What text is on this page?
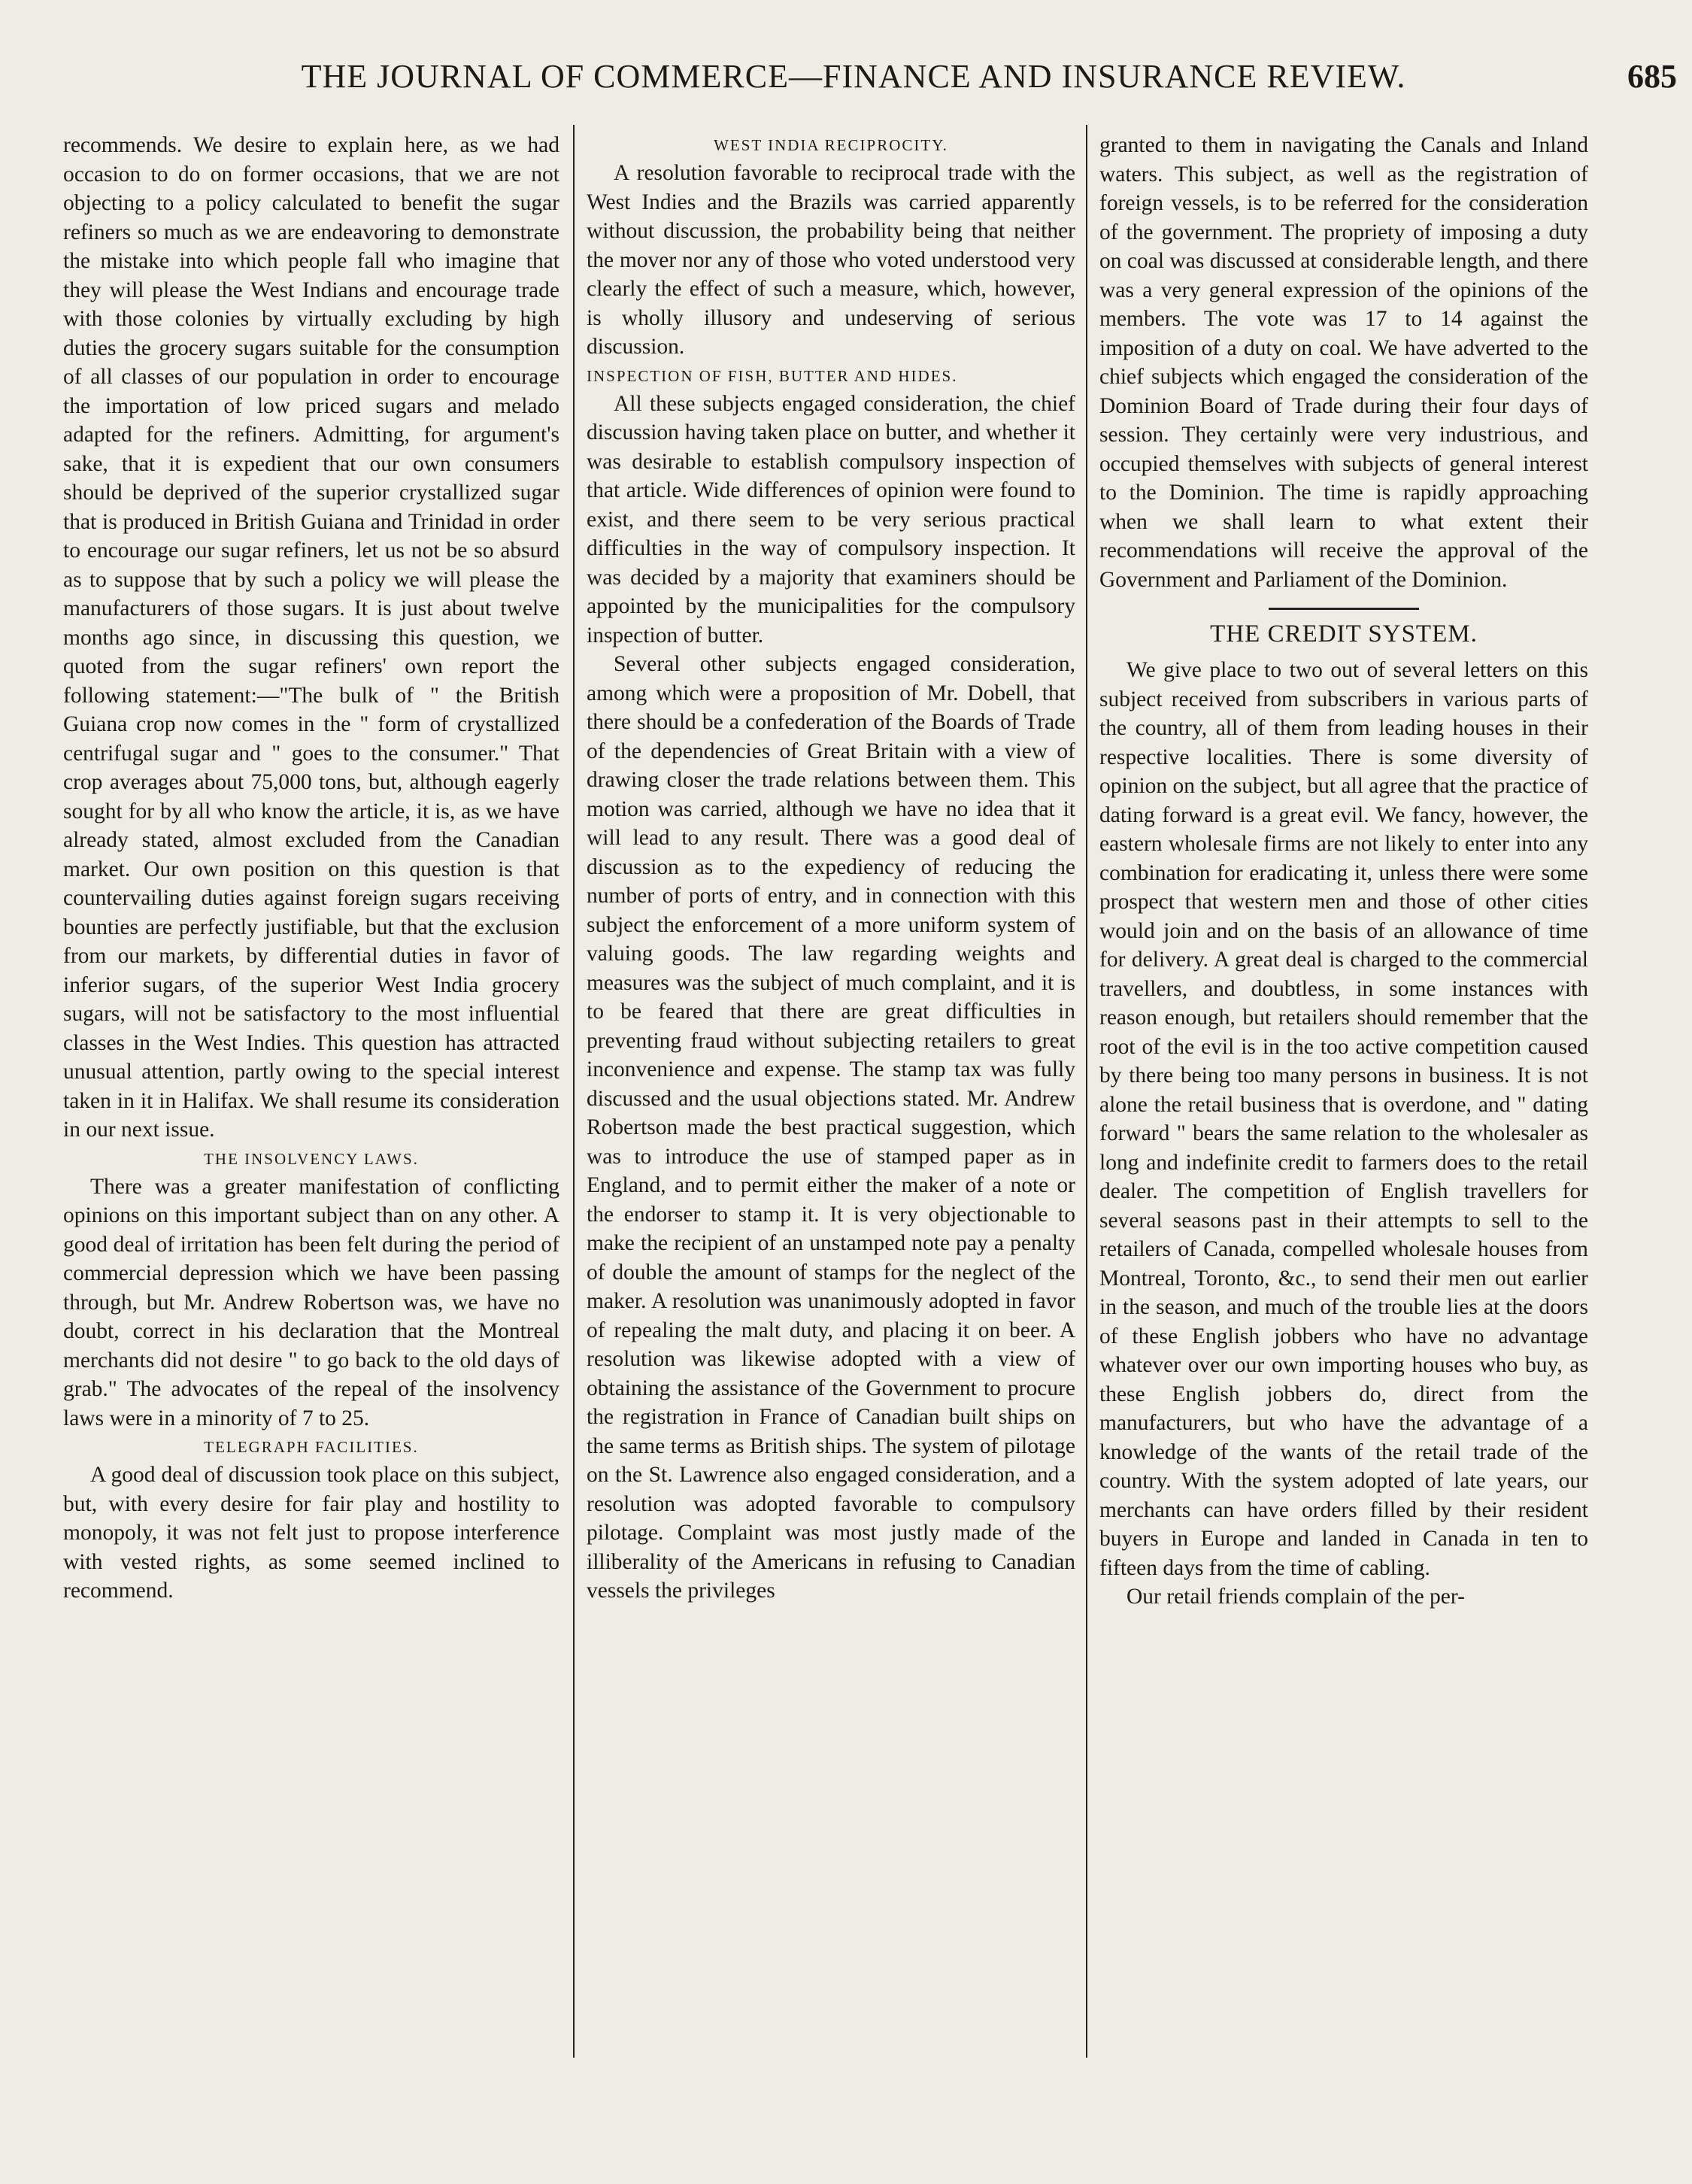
THE JOURNAL OF COMMERCE—FINANCE AND INSURANCE REVIEW.	685

recommends. We desire to explain here, as we had occasion to do on former occasions, that we are not objecting to a policy calculated to benefit the sugar refiners so much as we are endeavoring to demonstrate the mistake into which people fall who imagine that they will please the West Indians and encourage trade with those colonies by virtually excluding by high duties the grocery sugars suitable for the consumption of all classes of our population in order to encourage the importation of low priced sugars and melado adapted for the refiners. Admitting, for argument's sake, that it is expedient that our own consumers should be deprived of the superior crystallized sugar that is produced in British Guiana and Trinidad in order to encourage our sugar refiners, let us not be so absurd as to suppose that by such a policy we will please the manufacturers of those sugars. It is just about twelve months ago since, in discussing this question, we quoted from the sugar refiners' own report the following statement:—"The bulk of " the British Guiana crop now comes in the " form of crystallized centrifugal sugar and " goes to the consumer." That crop averages about 75,000 tons, but, although eagerly sought for by all who know the article, it is, as we have already stated, almost excluded from the Canadian market. Our own position on this question is that countervailing duties against foreign sugars receiving bounties are perfectly justifiable, but that the exclusion from our markets, by differential duties in favor of inferior sugars, of the superior West India grocery sugars, will not be satisfactory to the most influential classes in the West Indies. This question has attracted unusual attention, partly owing to the special interest taken in it in Halifax. We shall resume its consideration in our next issue.

THE INSOLVENCY LAWS.

There was a greater manifestation of conflicting opinions on this important subject than on any other. A good deal of irritation has been felt during the period of commercial depression which we have been passing through, but Mr. Andrew Robertson was, we have no doubt, correct in his declaration that the Montreal merchants did not desire " to go back to the old days of grab." The advocates of the repeal of the insolvency laws were in a minority of 7 to 25.

TELEGRAPH FACILITIES.

A good deal of discussion took place on this subject, but, with every desire for fair play and hostility to monopoly, it was not felt just to propose interference with vested rights, as some seemed inclined to recommend.

WEST INDIA RECIPROCITY.

A resolution favorable to reciprocal trade with the West Indies and the Brazils was carried apparently without discussion, the probability being that neither the mover nor any of those who voted understood very clearly the effect of such a measure, which, however, is wholly illusory and undeserving of serious discussion.

INSPECTION OF FISH, BUTTER AND HIDES.

All these subjects engaged consideration, the chief discussion having taken place on butter, and whether it was desirable to establish compulsory inspection of that article. Wide differences of opinion were found to exist, and there seem to be very serious practical difficulties in the way of compulsory inspection. It was decided by a majority that examiners should be appointed by the municipalities for the compulsory inspection of butter.

Several other subjects engaged consideration, among which were a proposition of Mr. Dobell, that there should be a confederation of the Boards of Trade of the dependencies of Great Britain with a view of drawing closer the trade relations between them. This motion was carried, although we have no idea that it will lead to any result. There was a good deal of discussion as to the expediency of reducing the number of ports of entry, and in connection with this subject the enforcement of a more uniform system of valuing goods. The law regarding weights and measures was the subject of much complaint, and it is to be feared that there are great difficulties in preventing fraud without subjecting retailers to great inconvenience and expense. The stamp tax was fully discussed and the usual objections stated. Mr. Andrew Robertson made the best practical suggestion, which was to introduce the use of stamped paper as in England, and to permit either the maker of a note or the endorser to stamp it. It is very objectionable to make the recipient of an unstamped note pay a penalty of double the amount of stamps for the neglect of the maker. A resolution was unanimously adopted in favor of repealing the malt duty, and placing it on beer. A resolution was likewise adopted with a view of obtaining the assistance of the Government to procure the registration in France of Canadian built ships on the same terms as British ships. The system of pilotage on the St. Lawrence also engaged consideration, and a resolution was adopted favorable to compulsory pilotage. Complaint was most justly made of the illiberality of the Americans in refusing to Canadian vessels the privileges

granted to them in navigating the Canals and Inland waters. This subject, as well as the registration of foreign vessels, is to be referred for the consideration of the government. The propriety of imposing a duty on coal was discussed at considerable length, and there was a very general expression of the opinions of the members. The vote was 17 to 14 against the imposition of a duty on coal. We have adverted to the chief subjects which engaged the consideration of the Dominion Board of Trade during their four days of session. They certainly were very industrious, and occupied themselves with subjects of general interest to the Dominion. The time is rapidly approaching when we shall learn to what extent their recommendations will receive the approval of the Government and Parliament of the Dominion.

THE CREDIT SYSTEM.

We give place to two out of several letters on this subject received from subscribers in various parts of the country, all of them from leading houses in their respective localities. There is some diversity of opinion on the subject, but all agree that the practice of dating forward is a great evil. We fancy, however, the eastern wholesale firms are not likely to enter into any combination for eradicating it, unless there were some prospect that western men and those of other cities would join and on the basis of an allowance of time for delivery. A great deal is charged to the commercial travellers, and doubtless, in some instances with reason enough, but retailers should remember that the root of the evil is in the too active competition caused by there being too many persons in business. It is not alone the retail business that is overdone, and " dating forward " bears the same relation to the wholesaler as long and indefinite credit to farmers does to the retail dealer. The competition of English travellers for several seasons past in their attempts to sell to the retailers of Canada, compelled wholesale houses from Montreal, Toronto, &c., to send their men out earlier in the season, and much of the trouble lies at the doors of these English jobbers who have no advantage whatever over our own importing houses who buy, as these English jobbers do, direct from the manufacturers, but who have the advantage of a knowledge of the wants of the retail trade of the country. With the system adopted of late years, our merchants can have orders filled by their resident buyers in Europe and landed in Canada in ten to fifteen days from the time of cabling.

Our retail friends complain of the per-
